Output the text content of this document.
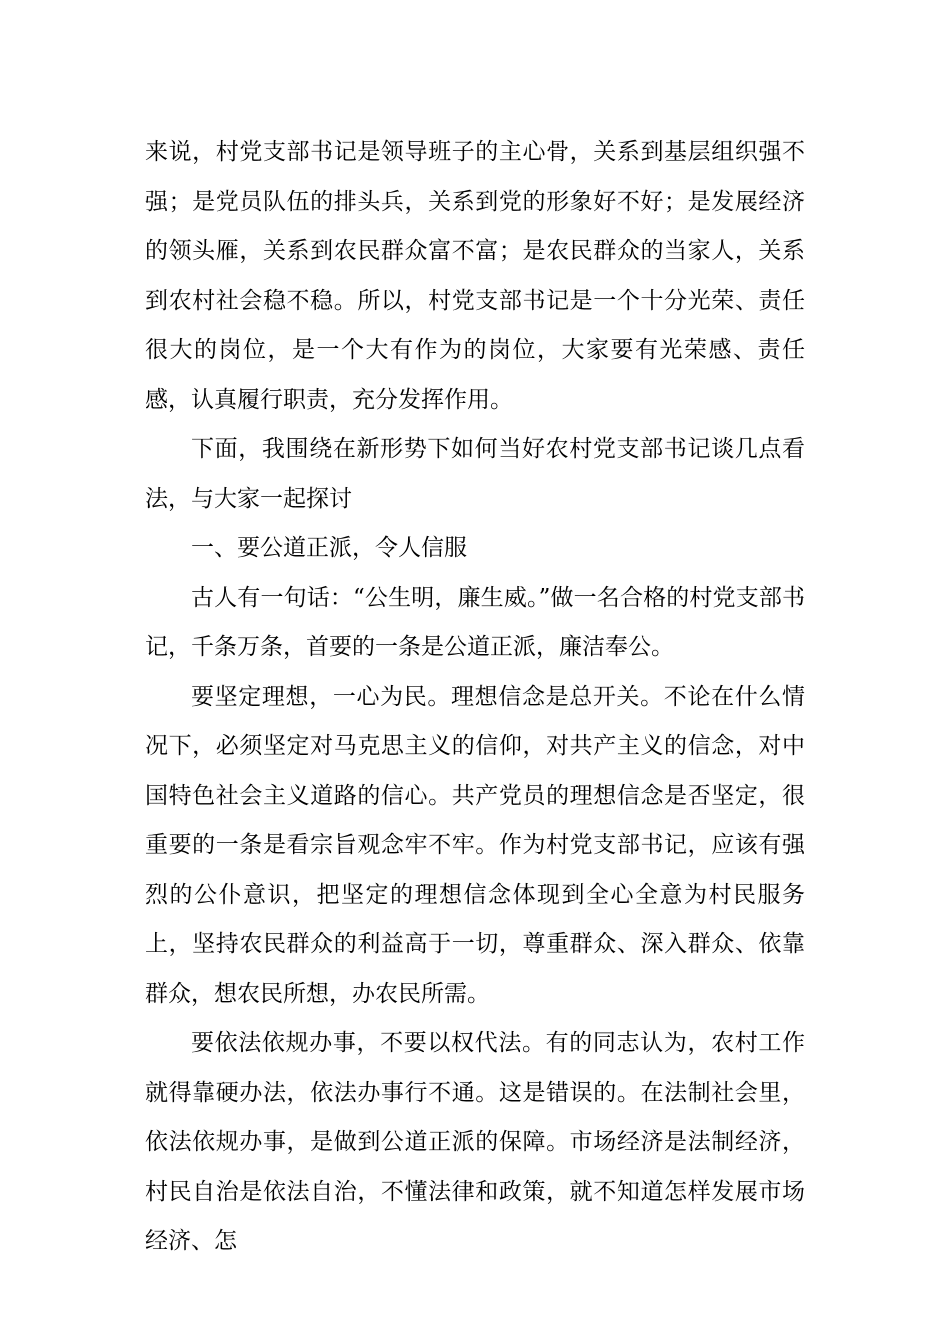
来说，村党支部书记是领导班子的主心骨，关系到基层组织强不强；是党员队伍的排头兵，关系到党的形象好不好；是发展经济的领头雁，关系到农民群众富不富；是农民群众的当家人，关系到农村社会稳不稳。所以，村党支部书记是一个十分光荣、责任很大的岗位，是一个大有作为的岗位，大家要有光荣感、责任感，认真履行职责，充分发挥作用。

下面，我围绕在新形势下如何当好农村党支部书记谈几点看法，与大家一起探讨

一、要公道正派，令人信服

古人有一句话：“公生明，廉生威。”做一名合格的村党支部书记，千条万条，首要的一条是公道正派，廉洁奉公。

要坚定理想，一心为民。理想信念是总开关。不论在什么情况下，必须坚定对马克思主义的信仰，对共产主义的信念，对中国特色社会主义道路的信心。共产党员的理想信念是否坚定，很重要的一条是看宗旨观念牢不牢。作为村党支部书记，应该有强烈的公仆意识，把坚定的理想信念体现到全心全意为村民服务上，坚持农民群众的利益高于一切，尊重群众、深入群众、依靠群众，想农民所想，办农民所需。

要依法依规办事，不要以权代法。有的同志认为，农村工作就得靠硬办法，依法办事行不通。这是错误的。在法制社会里，依法依规办事，是做到公道正派的保障。市场经济是法制经济，村民自治是依法自治，不懂法律和政策，就不知道怎样发展市场经济、怎
